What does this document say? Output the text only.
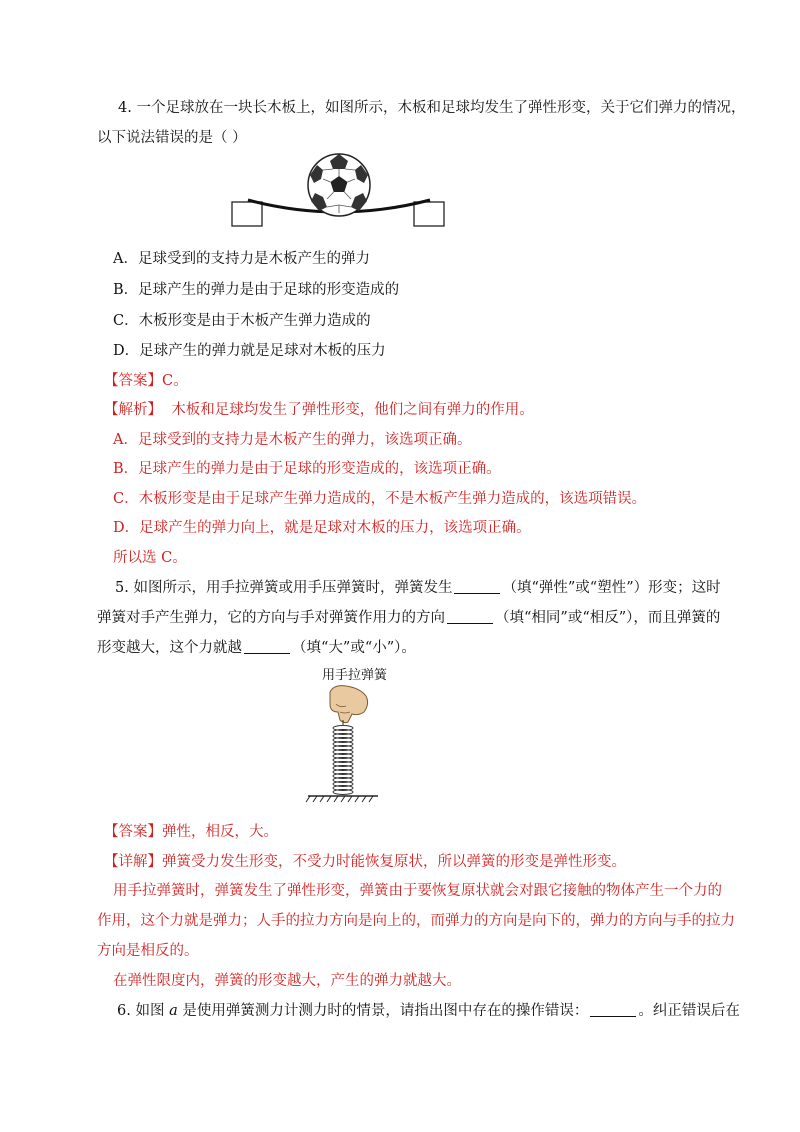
4. 一个足球放在一块长木板上，如图所示，木板和足球均发生了弹性形变，关于它们弹力的情况，
以下说法错误的是（ ）
A．足球受到的支持力是木板产生的弹力
B．足球产生的弹力是由于足球的形变造成的
C．木板形变是由于木板产生弹力造成的
D．足球产生的弹力就是足球对木板的压力
【答案】C。
【解析】 木板和足球均发生了弹性形变，他们之间有弹力的作用。
A．足球受到的支持力是木板产生的弹力，该选项正确。
B．足球产生的弹力是由于足球的形变造成的，该选项正确。
C．木板形变是由于足球产生弹力造成的，不是木板产生弹力造成的，该选项错误。
D．足球产生的弹力向上，就是足球对木板的压力，该选项正确。
所以选 C。
5. 如图所示，用手拉弹簧或用手压弹簧时，弹簧发生	（填“弹性”或“塑性”）形变；这时
弹簧对手产生弹力，它的方向与手对弹簧作用力的方向	（填“相同”或“相反”），而且弹簧的
形变越大，这个力就越	（填“大”或“小”）。
用手拉弹簧
【答案】弹性，相反，大。
【详解】弹簧受力发生形变，不受力时能恢复原状，所以弹簧的形变是弹性形变。
用手拉弹簧时，弹簧发生了弹性形变，弹簧由于要恢复原状就会对跟它接触的物体产生一个力的
作用，这个力就是弹力；人手的拉力方向是向上的，而弹力的方向是向下的，弹力的方向与手的拉力
方向是相反的。
在弹性限度内，弹簧的形变越大，产生的弹力就越大。
6. 如图 a 是使用弹簧测力计测力时的情景，请指出图中存在的操作错误：	。纠正错误后在
